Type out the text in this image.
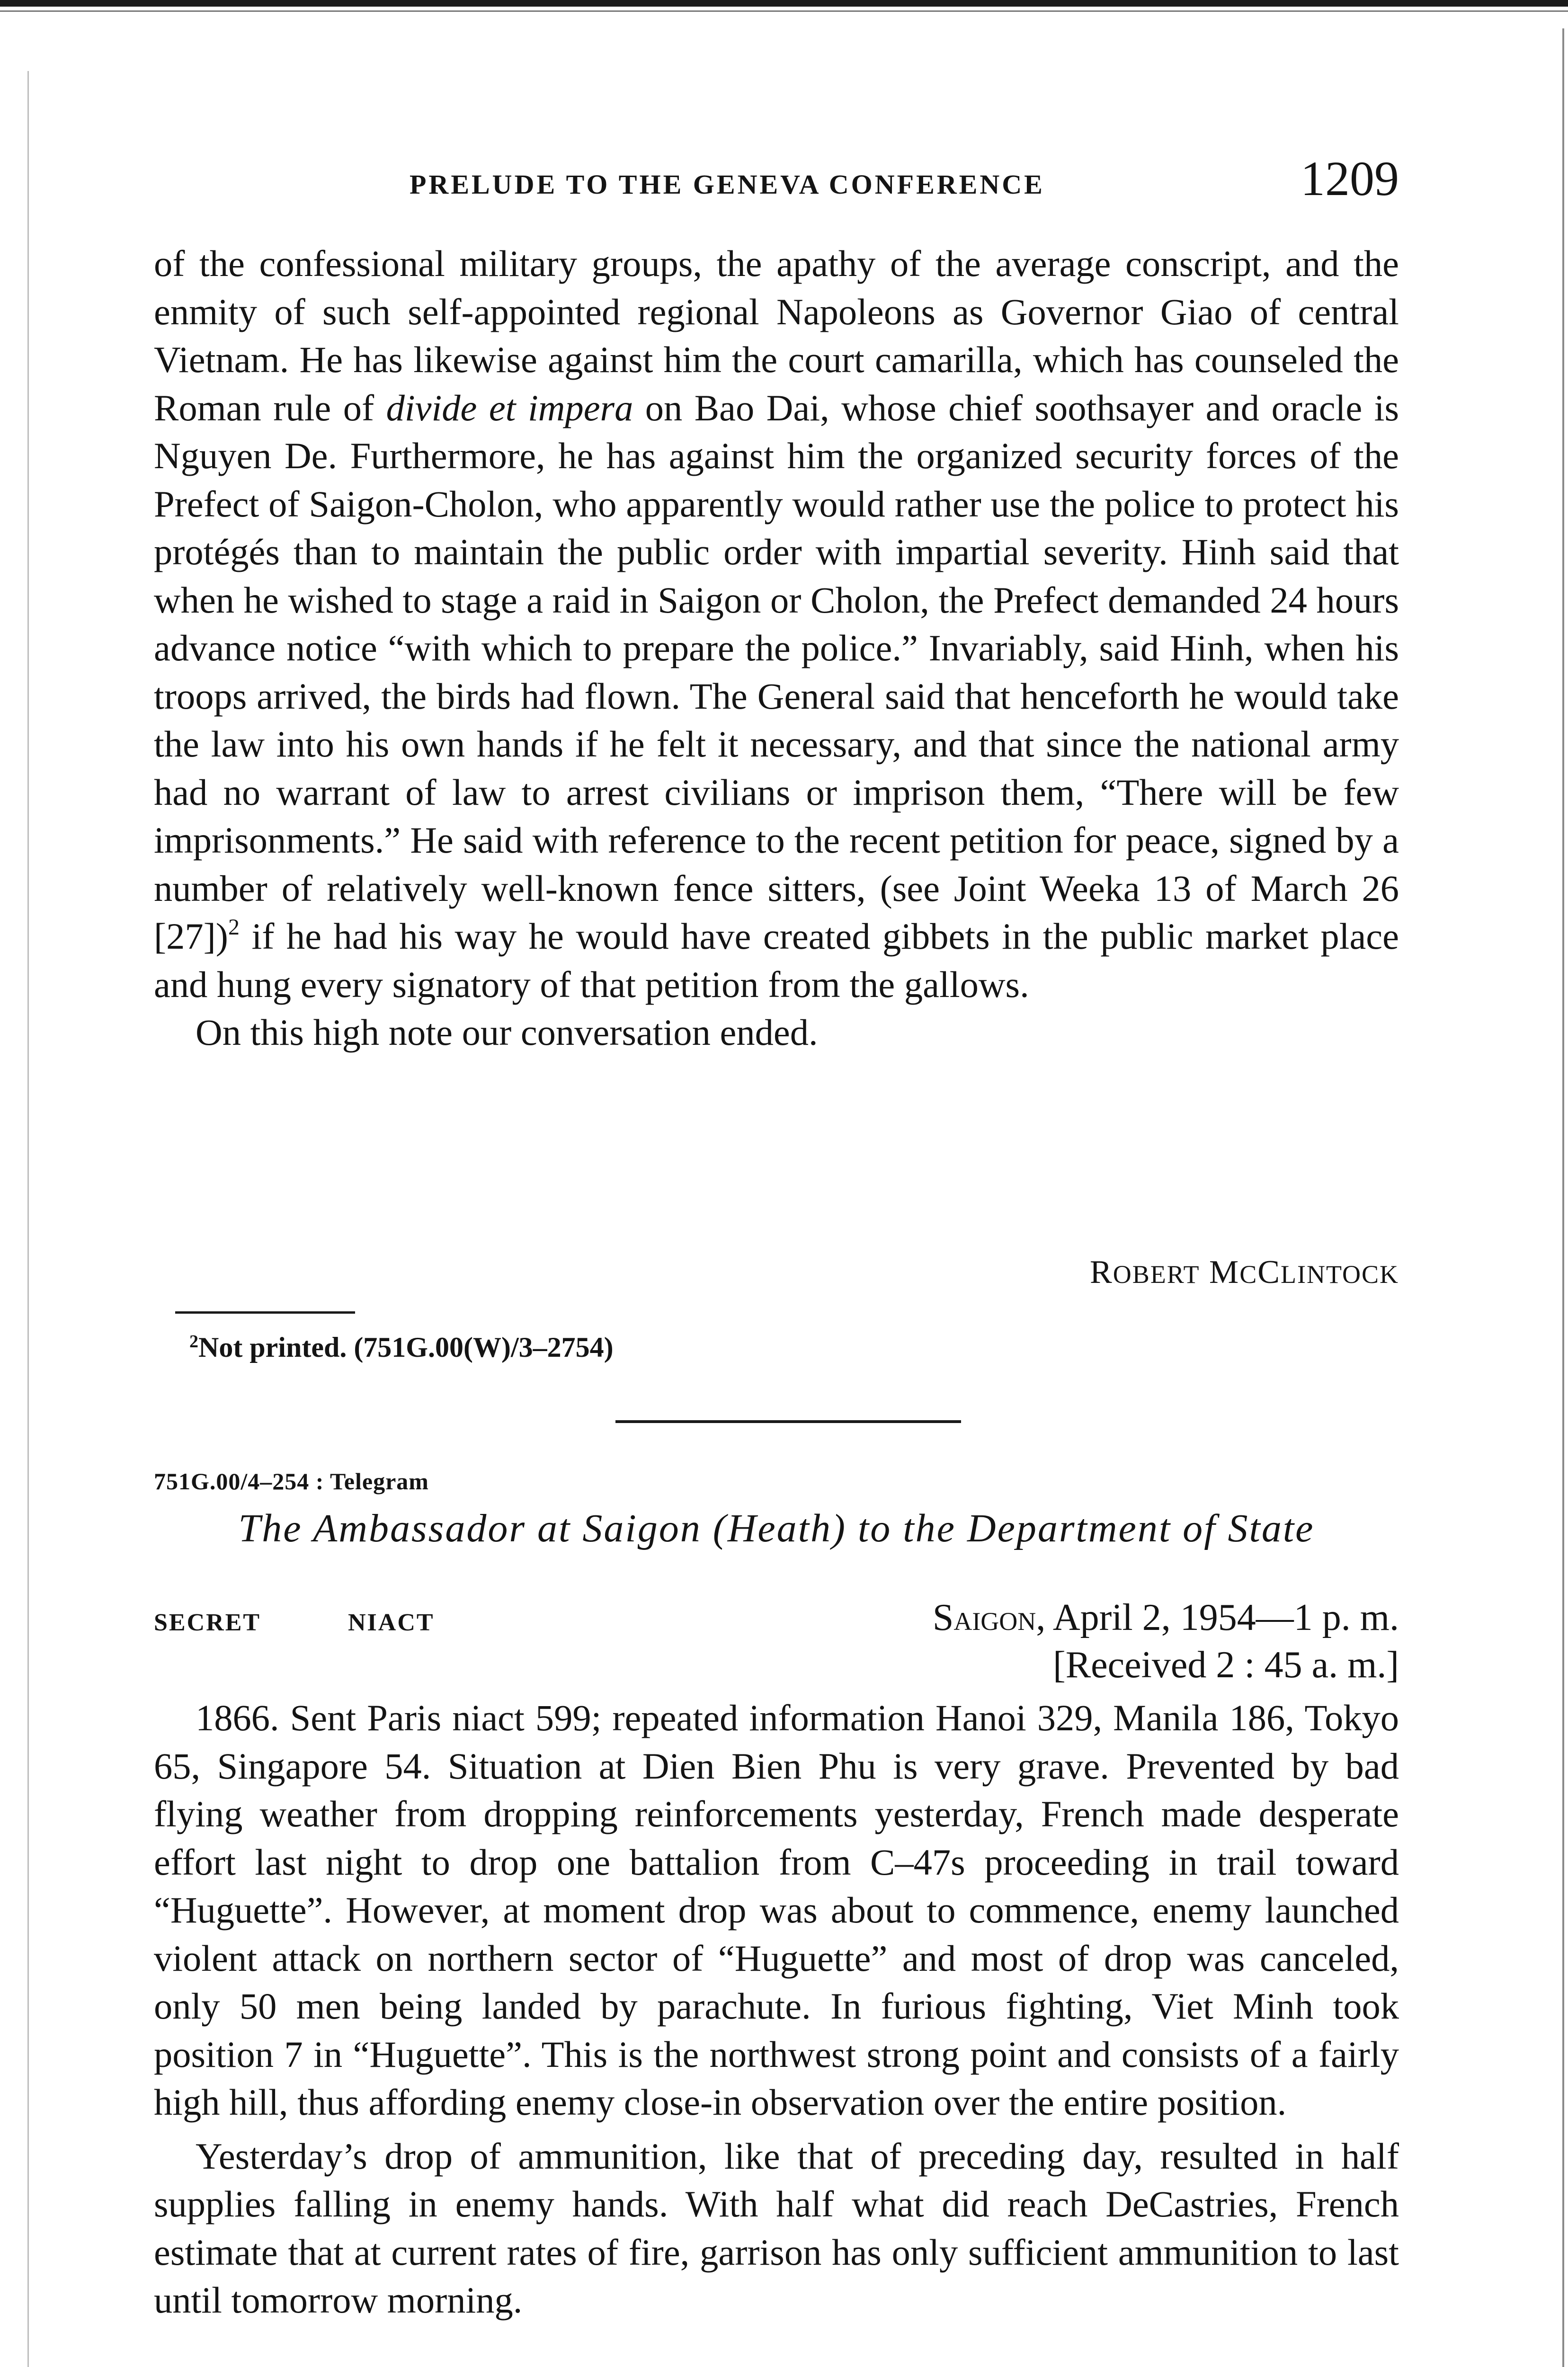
PRELUDE TO THE GENEVA CONFERENCE	1209

of the confessional military groups, the apathy of the average conscript, and the enmity of such self-appointed regional Napoleons as Governor Giao of central Vietnam. He has likewise against him the court camarilla, which has counseled the Roman rule of divide et impera on Bao Dai, whose chief soothsayer and oracle is Nguyen De. Furthermore, he has against him the organized security forces of the Prefect of Saigon-Cholon, who apparently would rather use the police to protect his protégés than to maintain the public order with impartial severity. Hinh said that when he wished to stage a raid in Saigon or Cholon, the Prefect demanded 24 hours advance notice “with which to prepare the police.” Invariably, said Hinh, when his troops arrived, the birds had flown. The General said that henceforth he would take the law into his own hands if he felt it necessary, and that since the national army had no warrant of law to arrest civilians or imprison them, “There will be few imprisonments.” He said with reference to the recent petition for peace, signed by a number of relatively well-known fence sitters, (see Joint Weeka 13 of March 26 [27])$^2$ if he had his way he would have created gibbets in the public market place and hung every signatory of that petition from the gallows.

On this high note our conversation ended.

ROBERT MCCLINTOCK
$^2$Not printed. (751G.00(W)/3–2754)
751G.00/4–254 : Telegram
The Ambassador at Saigon (Heath) to the Department of State
SECRET	NIACT	SAIGON, April 2, 1954—1 p. m.
[Received 2 : 45 a. m.]

1866. Sent Paris niact 599; repeated information Hanoi 329, Manila 186, Tokyo 65, Singapore 54. Situation at Dien Bien Phu is very grave. Prevented by bad flying weather from dropping reinforcements yesterday, French made desperate effort last night to drop one battalion from C–47s proceeding in trail toward “Huguette”. However, at moment drop was about to commence, enemy launched violent attack on northern sector of “Huguette” and most of drop was canceled, only 50 men being landed by parachute. In furious fighting, Viet Minh took position 7 in “Huguette”. This is the northwest strong point and consists of a fairly high hill, thus affording enemy close-in observation over the entire position.

Yesterday’s drop of ammunition, like that of preceding day, resulted in half supplies falling in enemy hands. With half what did reach DeCastries, French estimate that at current rates of fire, garrison has only sufficient ammunition to last until tomorrow morning.
